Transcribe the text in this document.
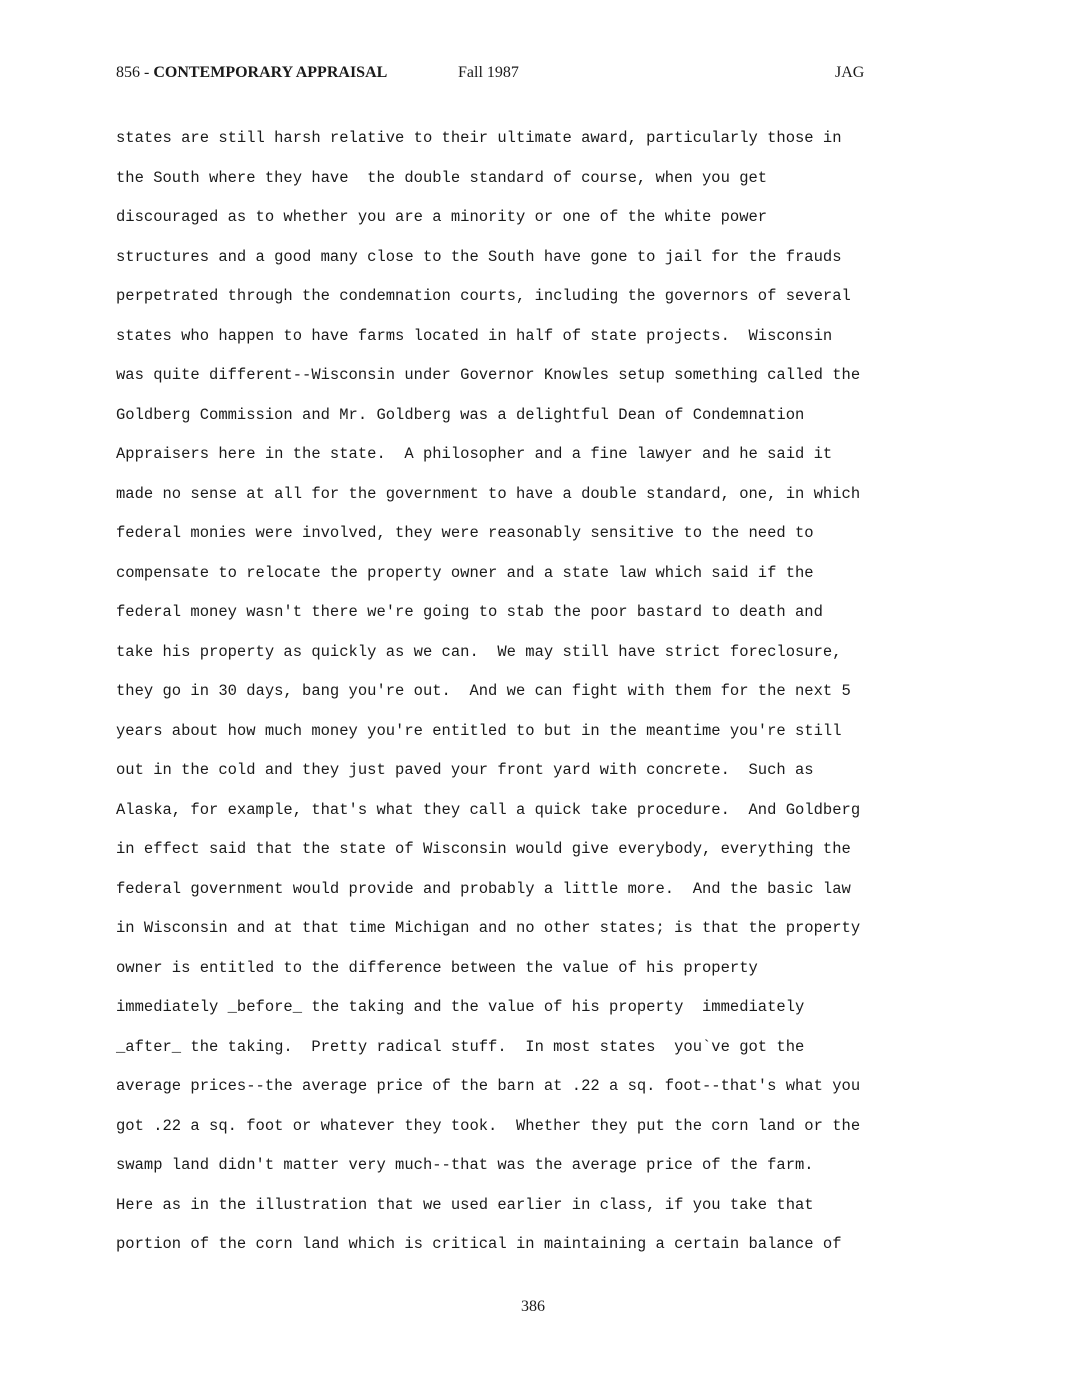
856 - CONTEMPORARY APPRAISAL	Fall 1987	JAG
states are still harsh relative to their ultimate award, particularly those in
the South where they have  the double standard of course, when you get
discouraged as to whether you are a minority or one of the white power
structures and a good many close to the South have gone to jail for the frauds
perpetrated through the condemnation courts, including the governors of several
states who happen to have farms located in half of state projects.  Wisconsin
was quite different--Wisconsin under Governor Knowles setup something called the
Goldberg Commission and Mr. Goldberg was a delightful Dean of Condemnation
Appraisers here in the state.  A philosopher and a fine lawyer and he said it
made no sense at all for the government to have a double standard, one, in which
federal monies were involved, they were reasonably sensitive to the need to
compensate to relocate the property owner and a state law which said if the
federal money wasn't there we're going to stab the poor bastard to death and
take his property as quickly as we can.  We may still have strict foreclosure,
they go in 30 days, bang you're out.  And we can fight with them for the next 5
years about how much money you're entitled to but in the meantime you're still
out in the cold and they just paved your front yard with concrete.  Such as
Alaska, for example, that's what they call a quick take procedure.  And Goldberg
in effect said that the state of Wisconsin would give everybody, everything the
federal government would provide and probably a little more.  And the basic law
in Wisconsin and at that time Michigan and no other states; is that the property
owner is entitled to the difference between the value of his property
immediately _before_ the taking and the value of his property  immediately
_after_ the taking.  Pretty radical stuff.  In most states  you`ve got the
average prices--the average price of the barn at .22 a sq. foot--that's what you
got .22 a sq. foot or whatever they took.  Whether they put the corn land or the
swamp land didn't matter very much--that was the average price of the farm.
Here as in the illustration that we used earlier in class, if you take that
portion of the corn land which is critical in maintaining a certain balance of
386
